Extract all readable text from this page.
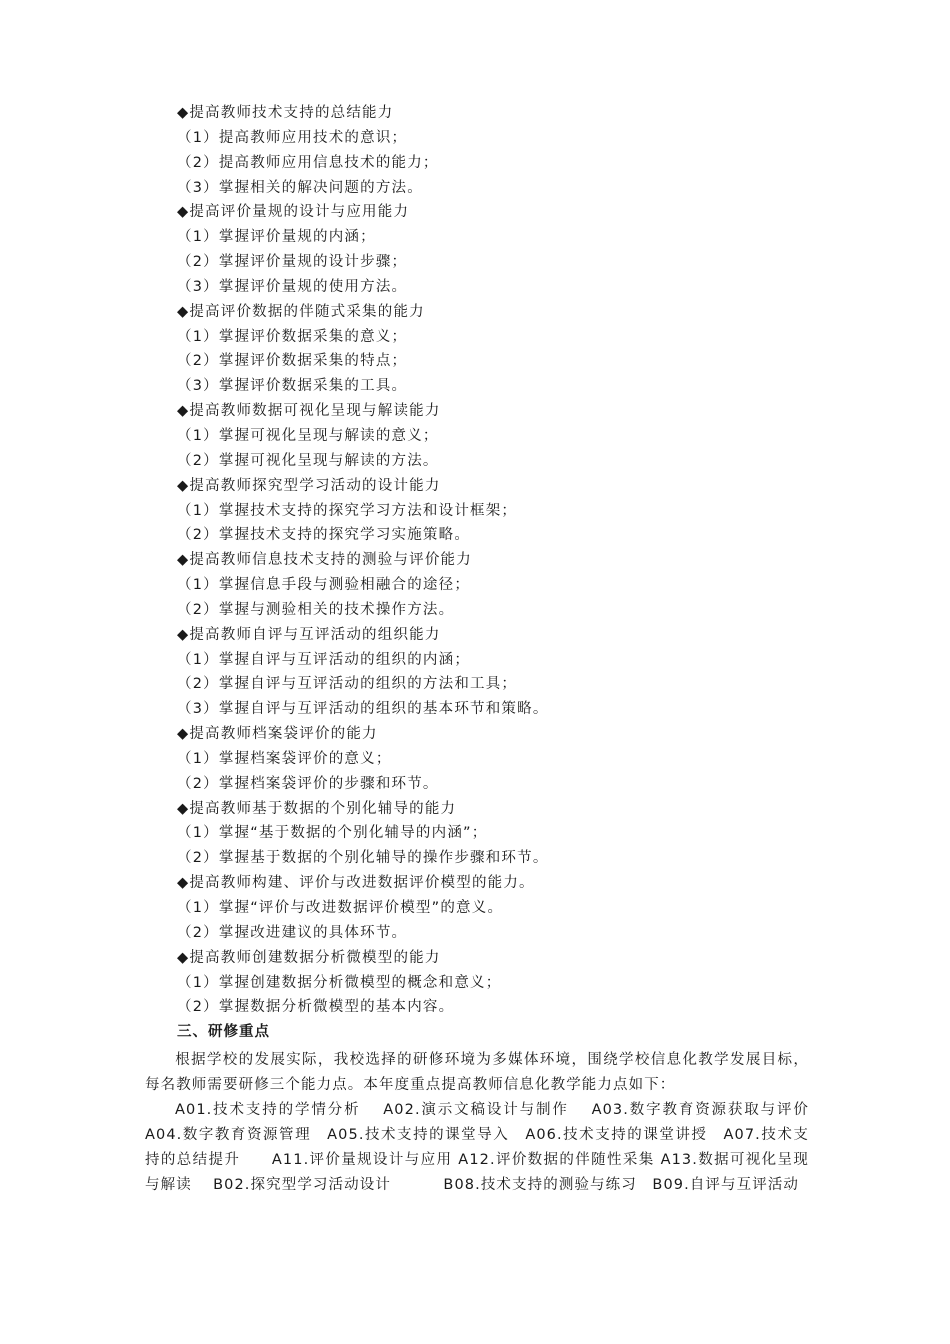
◆提高教师技术支持的总结能力
（1）提高教师应用技术的意识；
（2）提高教师应用信息技术的能力；
（3）掌握相关的解决问题的方法。
◆提高评价量规的设计与应用能力
（1）掌握评价量规的内涵；
（2）掌握评价量规的设计步骤；
（3）掌握评价量规的使用方法。
◆提高评价数据的伴随式采集的能力
（1）掌握评价数据采集的意义；
（2）掌握评价数据采集的特点；
（3）掌握评价数据采集的工具。
◆提高教师数据可视化呈现与解读能力
（1）掌握可视化呈现与解读的意义；
（2）掌握可视化呈现与解读的方法。
◆提高教师探究型学习活动的设计能力
（1）掌握技术支持的探究学习方法和设计框架；
（2）掌握技术支持的探究学习实施策略。
◆提高教师信息技术支持的测验与评价能力
（1）掌握信息手段与测验相融合的途径；
（2）掌握与测验相关的技术操作方法。
◆提高教师自评与互评活动的组织能力
（1）掌握自评与互评活动的组织的内涵；
（2）掌握自评与互评活动的组织的方法和工具；
（3）掌握自评与互评活动的组织的基本环节和策略。
◆提高教师档案袋评价的能力
（1）掌握档案袋评价的意义；
（2）掌握档案袋评价的步骤和环节。
◆提高教师基于数据的个别化辅导的能力
（1）掌握“基于数据的个别化辅导的内涵”；
（2）掌握基于数据的个别化辅导的操作步骤和环节。
◆提高教师构建、评价与改进数据评价模型的能力。
（1）掌握“评价与改进数据评价模型”的意义。
（2）掌握改进建议的具体环节。
◆提高教师创建数据分析微模型的能力
（1）掌握创建数据分析微模型的概念和意义；
（2）掌握数据分析微模型的基本内容。
三、研修重点
根据学校的发展实际，我校选择的研修环境为多媒体环境，围绕学校信息化教学发展目标，每名教师需要研修三个能力点。本年度重点提高教师信息化教学能力点如下：
A01.技术支持的学情分析　 A02.演示文稿设计与制作　 A03.数字教育资源获取与评价 A04.数字教育资源管理　A05.技术支持的课堂导入　A06.技术支持的课堂讲授　A07.技术支持的总结提升　　A11.评价量规设计与应用 A12.评价数据的伴随性采集 A13.数据可视化呈现与解读　 B02.探究型学习活动设计　　　 B08.技术支持的测验与练习　B09.自评与互评活动
